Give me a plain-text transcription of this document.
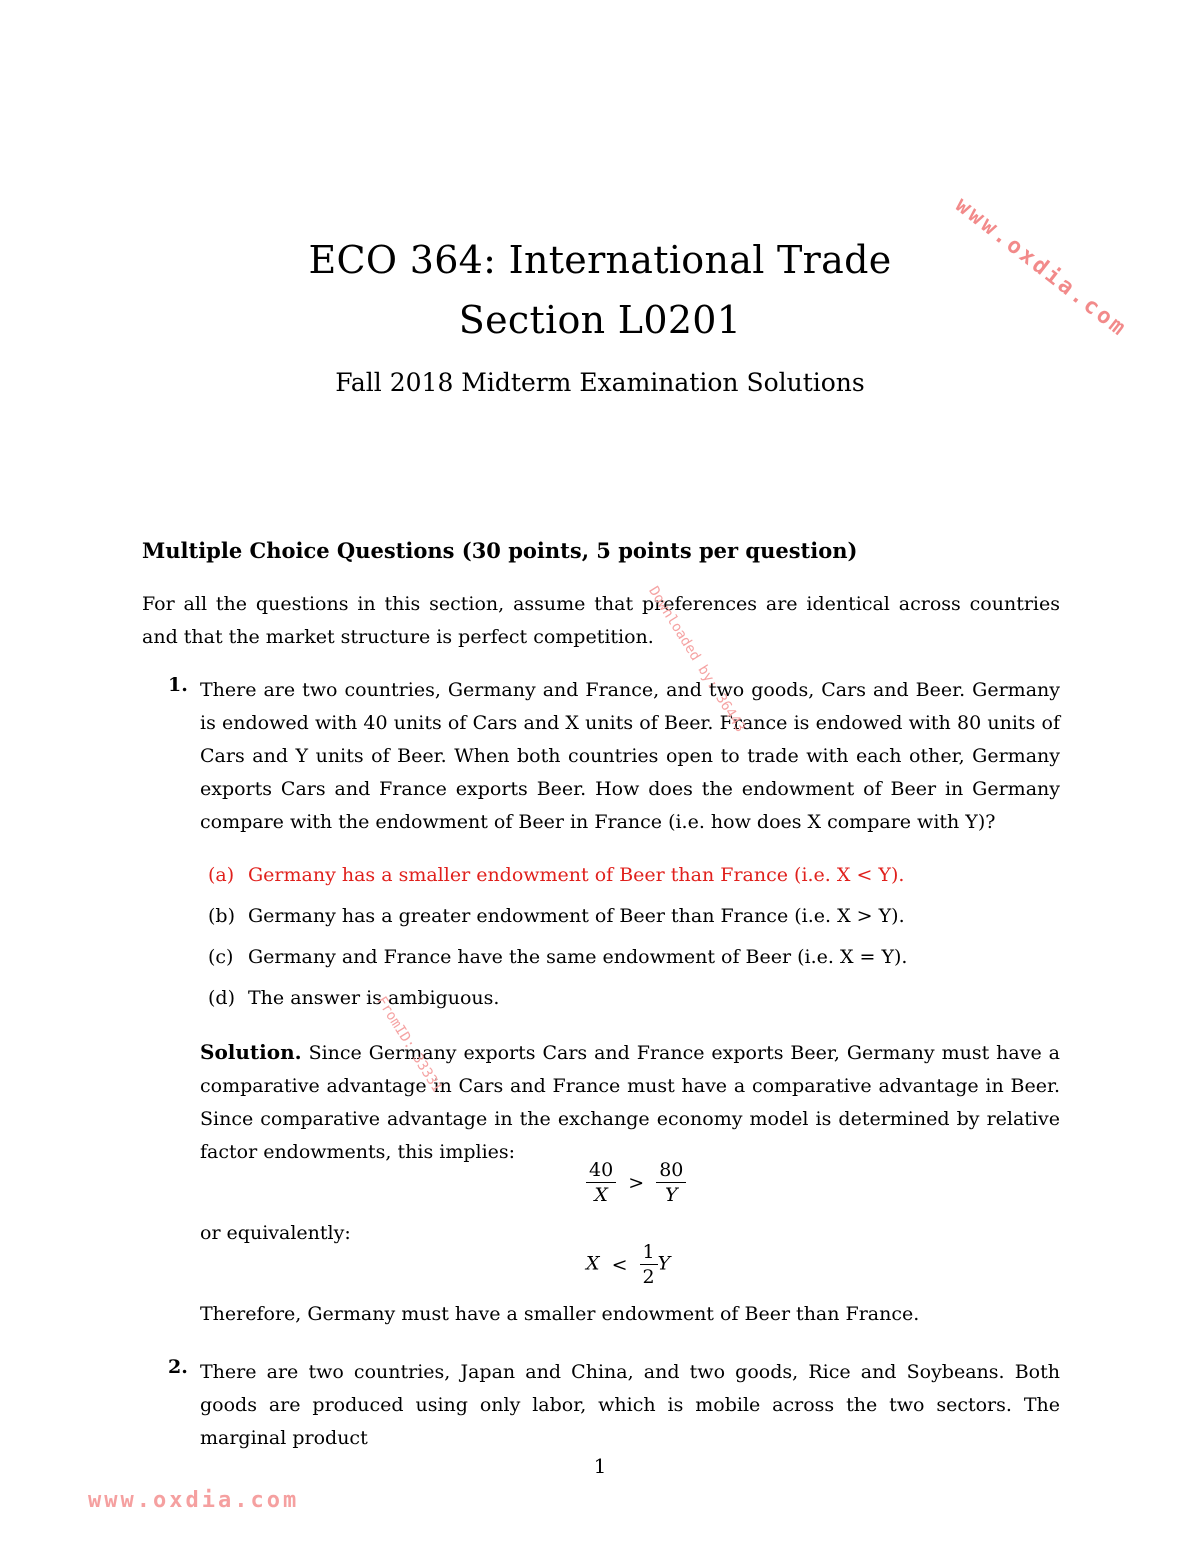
ECO 364: International Trade
Section L0201
Fall 2018 Midterm Examination Solutions
Multiple Choice Questions (30 points, 5 points per question)
For all the questions in this section, assume that preferences are identical across countries and that the market structure is perfect competition.
1. There are two countries, Germany and France, and two goods, Cars and Beer. Germany is endowed with 40 units of Cars and X units of Beer. France is endowed with 80 units of Cars and Y units of Beer. When both countries open to trade with each other, Germany exports Cars and France exports Beer. How does the endowment of Beer in Germany compare with the endowment of Beer in France (i.e. how does X compare with Y)?
(a) Germany has a smaller endowment of Beer than France (i.e. X < Y).
(b) Germany has a greater endowment of Beer than France (i.e. X > Y).
(c) Germany and France have the same endowment of Beer (i.e. X = Y).
(d) The answer is ambiguous.
Solution. Since Germany exports Cars and France exports Beer, Germany must have a comparative advantage in Cars and France must have a comparative advantage in Beer. Since comparative advantage in the exchange economy model is determined by relative factor endowments, this implies:
$\frac{40}{X} > \frac{80}{Y}$
or equivalently:
$X < \frac{1}{2}$ Y
Therefore, Germany must have a smaller endowment of Beer than France.
2. There are two countries, Japan and China, and two goods, Rice and Soybeans. Both goods are produced using only labor, which is mobile across the two sectors. The marginal product
1
www.oxdia.com
Downloaded by: 36443
FromID: 33331
www.oxdia.com
